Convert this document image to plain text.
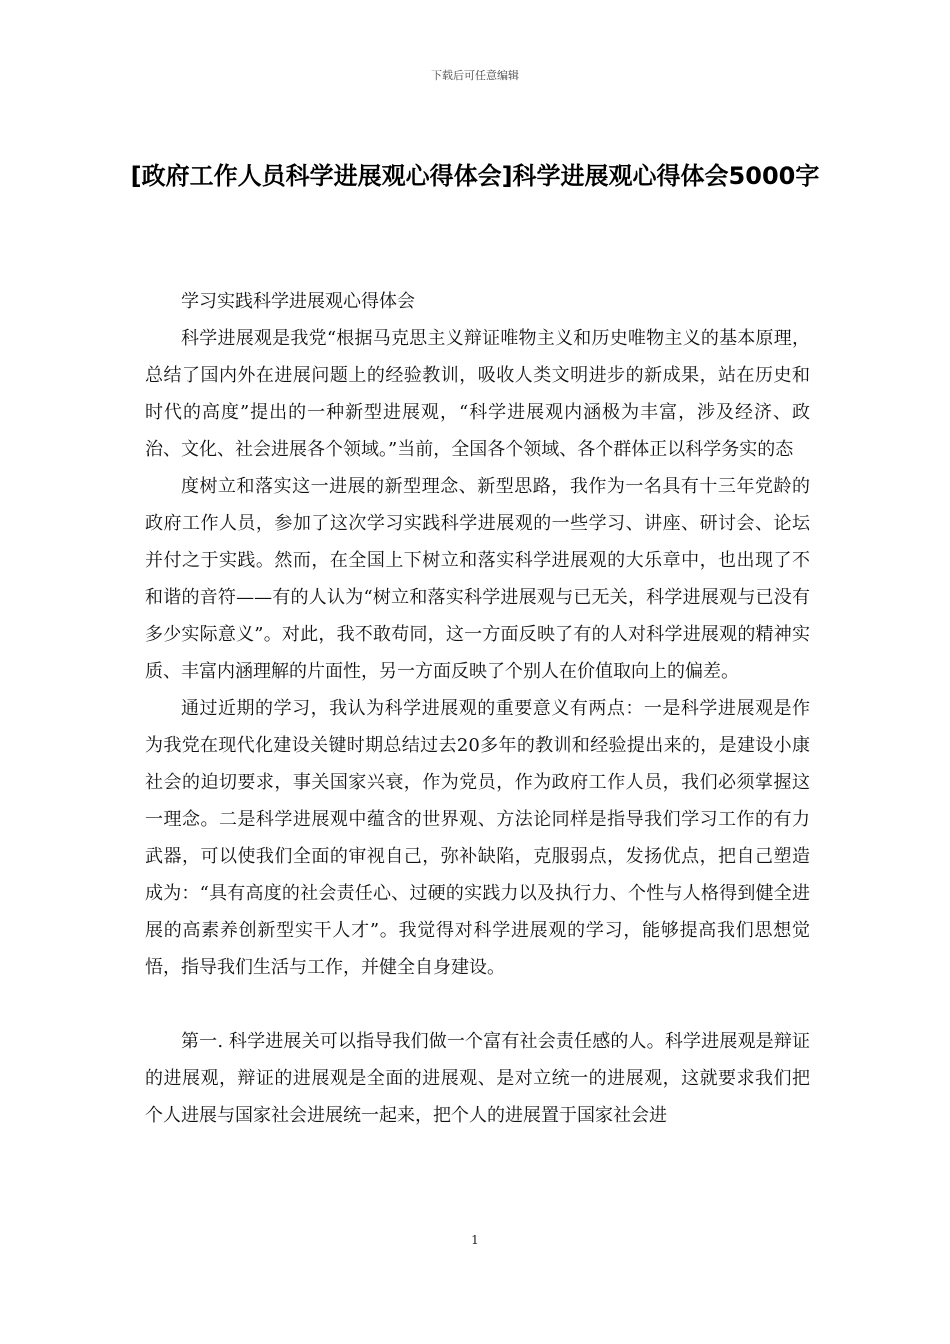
下载后可任意编辑
[政府工作人员科学进展观心得体会]科学进展观心得体会5000字

学习实践科学进展观心得体会

科学进展观是我党“根据马克思主义辩证唯物主义和历史唯物主义的基本原理，总结了国内外在进展问题上的经验教训，吸收人类文明进步的新成果，站在历史和时代的高度”提出的一种新型进展观，“科学进展观内涵极为丰富，涉及经济、政治、文化、社会进展各个领域。”当前，全国各个领域、各个群体正以科学务实的态

度树立和落实这一进展的新型理念、新型思路，我作为一名具有十三年党龄的政府工作人员，参加了这次学习实践科学进展观的一些学习、讲座、研讨会、论坛并付之于实践。然而，在全国上下树立和落实科学进展观的大乐章中，也出现了不和谐的音符——有的人认为“树立和落实科学进展观与已无关，科学进展观与已没有多少实际意义”。对此，我不敢苟同，这一方面反映了有的人对科学进展观的精神实质、丰富内涵理解的片面性，另一方面反映了个别人在价值取向上的偏差。

通过近期的学习，我认为科学进展观的重要意义有两点：一是科学进展观是作为我党在现代化建设关键时期总结过去20多年的教训和经验提出来的，是建设小康社会的迫切要求，事关国家兴衰，作为党员，作为政府工作人员，我们必须掌握这一理念。二是科学进展观中蕴含的世界观、方法论同样是指导我们学习工作的有力武器，可以使我们全面的审视自己，弥补缺陷，克服弱点，发扬优点，把自己塑造成为：“具有高度的社会责任心、过硬的实践力以及执行力、个性与人格得到健全进展的高素养创新型实干人才”。我觉得对科学进展观的学习，能够提高我们思想觉悟，指导我们生活与工作，并健全自身建设。

第一. 科学进展关可以指导我们做一个富有社会责任感的人。科学进展观是辩证的进展观，辩证的进展观是全面的进展观、是对立统一的进展观，这就要求我们把个人进展与国家社会进展统一起来，把个人的进展置于国家社会进

1
